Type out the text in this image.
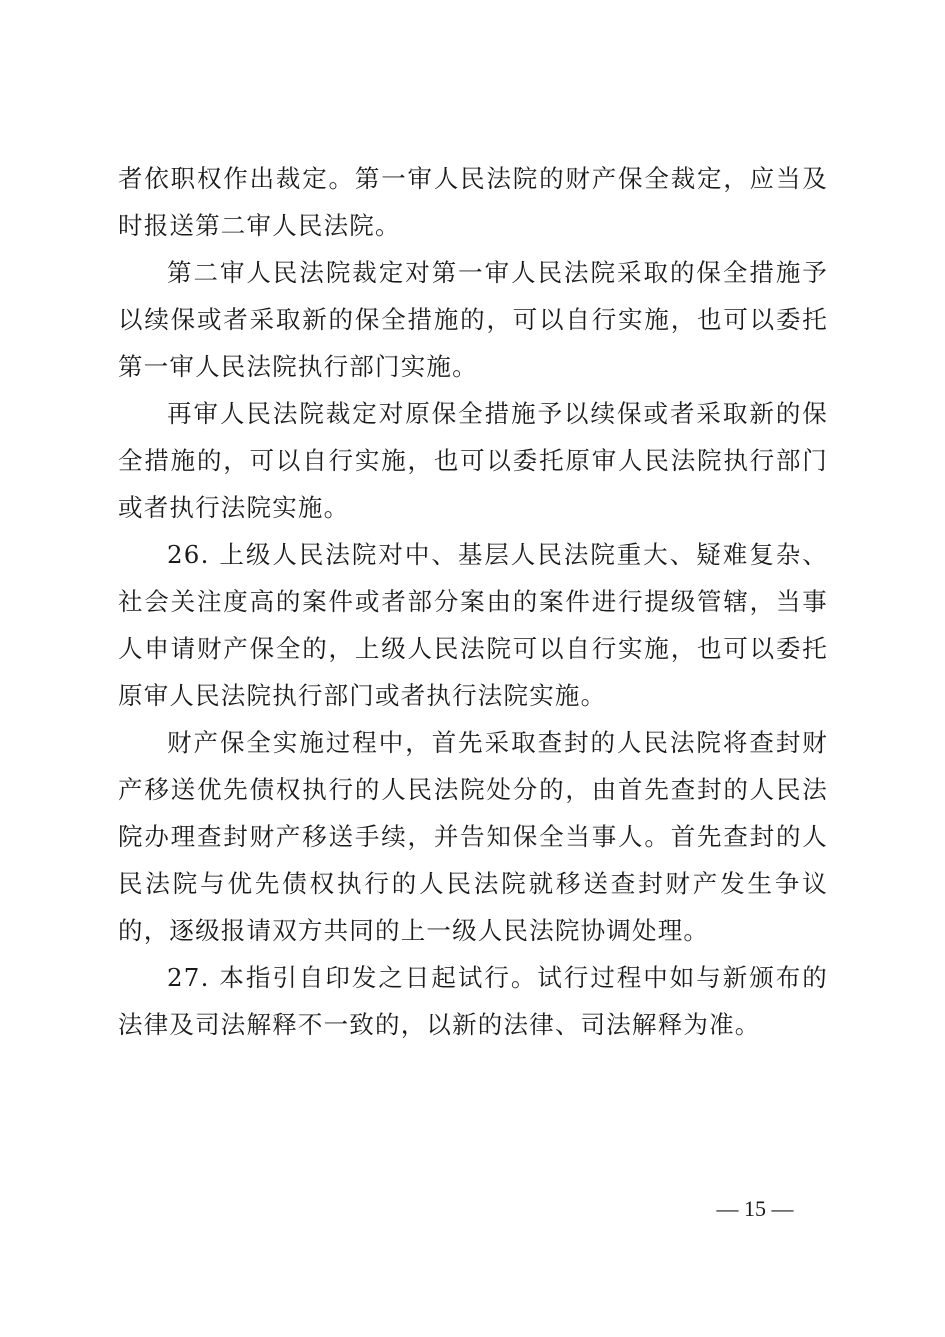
者依职权作出裁定。第一审人民法院的财产保全裁定，应当及时报送第二审人民法院。

第二审人民法院裁定对第一审人民法院采取的保全措施予以续保或者采取新的保全措施的，可以自行实施，也可以委托第一审人民法院执行部门实施。

再审人民法院裁定对原保全措施予以续保或者采取新的保全措施的，可以自行实施，也可以委托原审人民法院执行部门或者执行法院实施。

26. 上级人民法院对中、基层人民法院重大、疑难复杂、社会关注度高的案件或者部分案由的案件进行提级管辖，当事人申请财产保全的，上级人民法院可以自行实施，也可以委托原审人民法院执行部门或者执行法院实施。

财产保全实施过程中，首先采取查封的人民法院将查封财产移送优先债权执行的人民法院处分的，由首先查封的人民法院办理查封财产移送手续，并告知保全当事人。首先查封的人民法院与优先债权执行的人民法院就移送查封财产发生争议的，逐级报请双方共同的上一级人民法院协调处理。

27. 本指引自印发之日起试行。试行过程中如与新颁布的法律及司法解释不一致的，以新的法律、司法解释为准。

— 15 —
